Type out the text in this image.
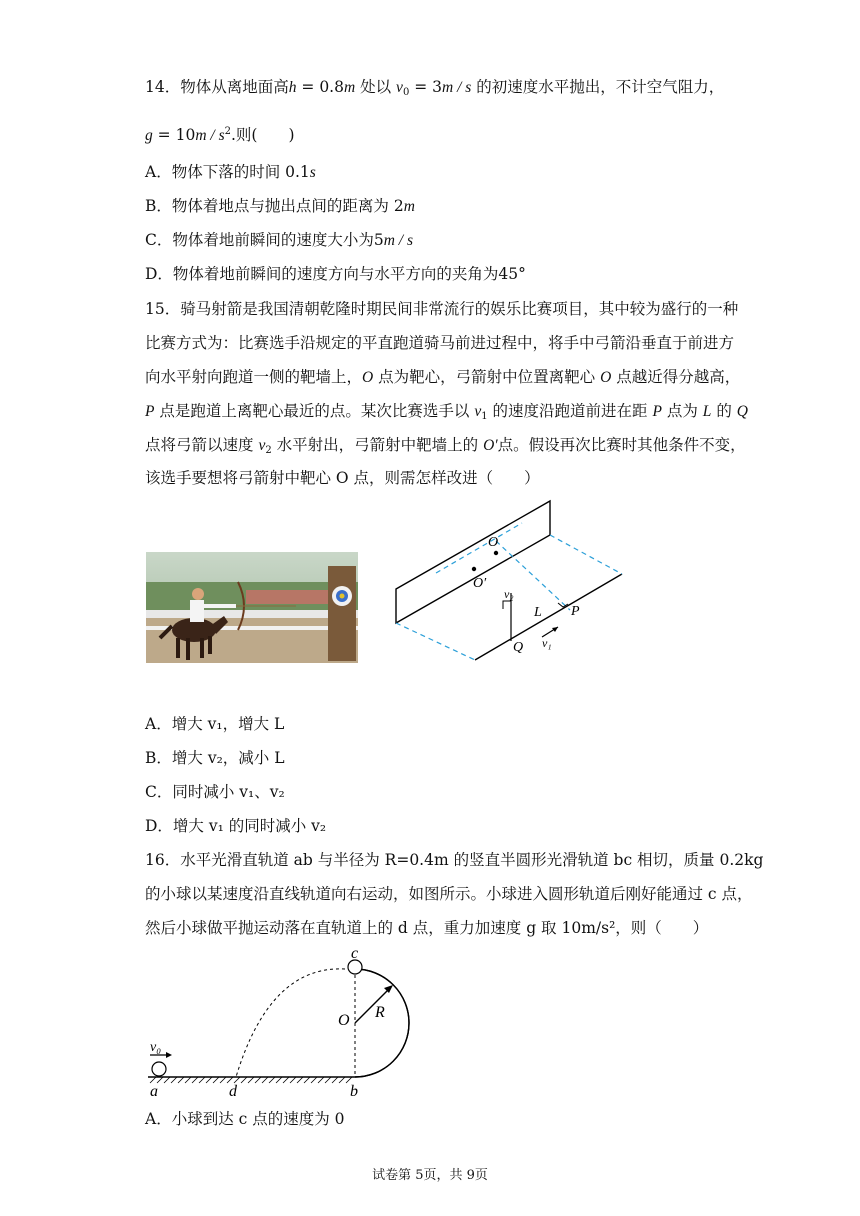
14．物体从离地面高h = 0.8m 处以 $v_0 = 3m / s$ 的初速度水平抛出，不计空气阻力，
$g = 10m / s^2$.则(　　)
A．物体下落的时间 0.1s
B．物体着地点与抛出点间的距离为 2m
C．物体着地前瞬间的速度大小为5m / s
D．物体着地前瞬间的速度方向与水平方向的夹角为45°
15．骑马射箭是我国清朝乾隆时期民间非常流行的娱乐比赛项目，其中较为盛行的一种
比赛方式为：比赛选手沿规定的平直跑道骑马前进过程中，将手中弓箭沿垂直于前进方
向水平射向跑道一侧的靶墙上，O 点为靶心，弓箭射中位置离靶心 O 点越近得分越高，
P 点是跑道上离靶心最近的点。某次比赛选手以 $v_1$ 的速度沿跑道前进在距 P 点为 L 的 Q
点将弓箭以速度 $v_2$ 水平射出，弓箭射中靶墙上的 O′点。假设再次比赛时其他条件不变，
该选手要想将弓箭射中靶心 O 点，则需怎样改进（　　）
O
O′
v₂
L P
Q v₁
A．增大 v₁，增大 L
B．增大 v₂，减小 L
C．同时减小 v₁、v₂
D．增大 v₁ 的同时减小 v₂
16．水平光滑直轨道 ab 与半径为 R=0.4m 的竖直半圆形光滑轨道 bc 相切，质量 0.2kg
的小球以某速度沿直线轨道向右运动，如图所示。小球进入圆形轨道后刚好能通过 c 点，
然后小球做平抛运动落在直轨道上的 d 点，重力加速度 g 取 10m/s²，则（　　）
c
O R
v₀
a	d	b
A．小球到达 c 点的速度为 0
试卷第 5页，共 9页
